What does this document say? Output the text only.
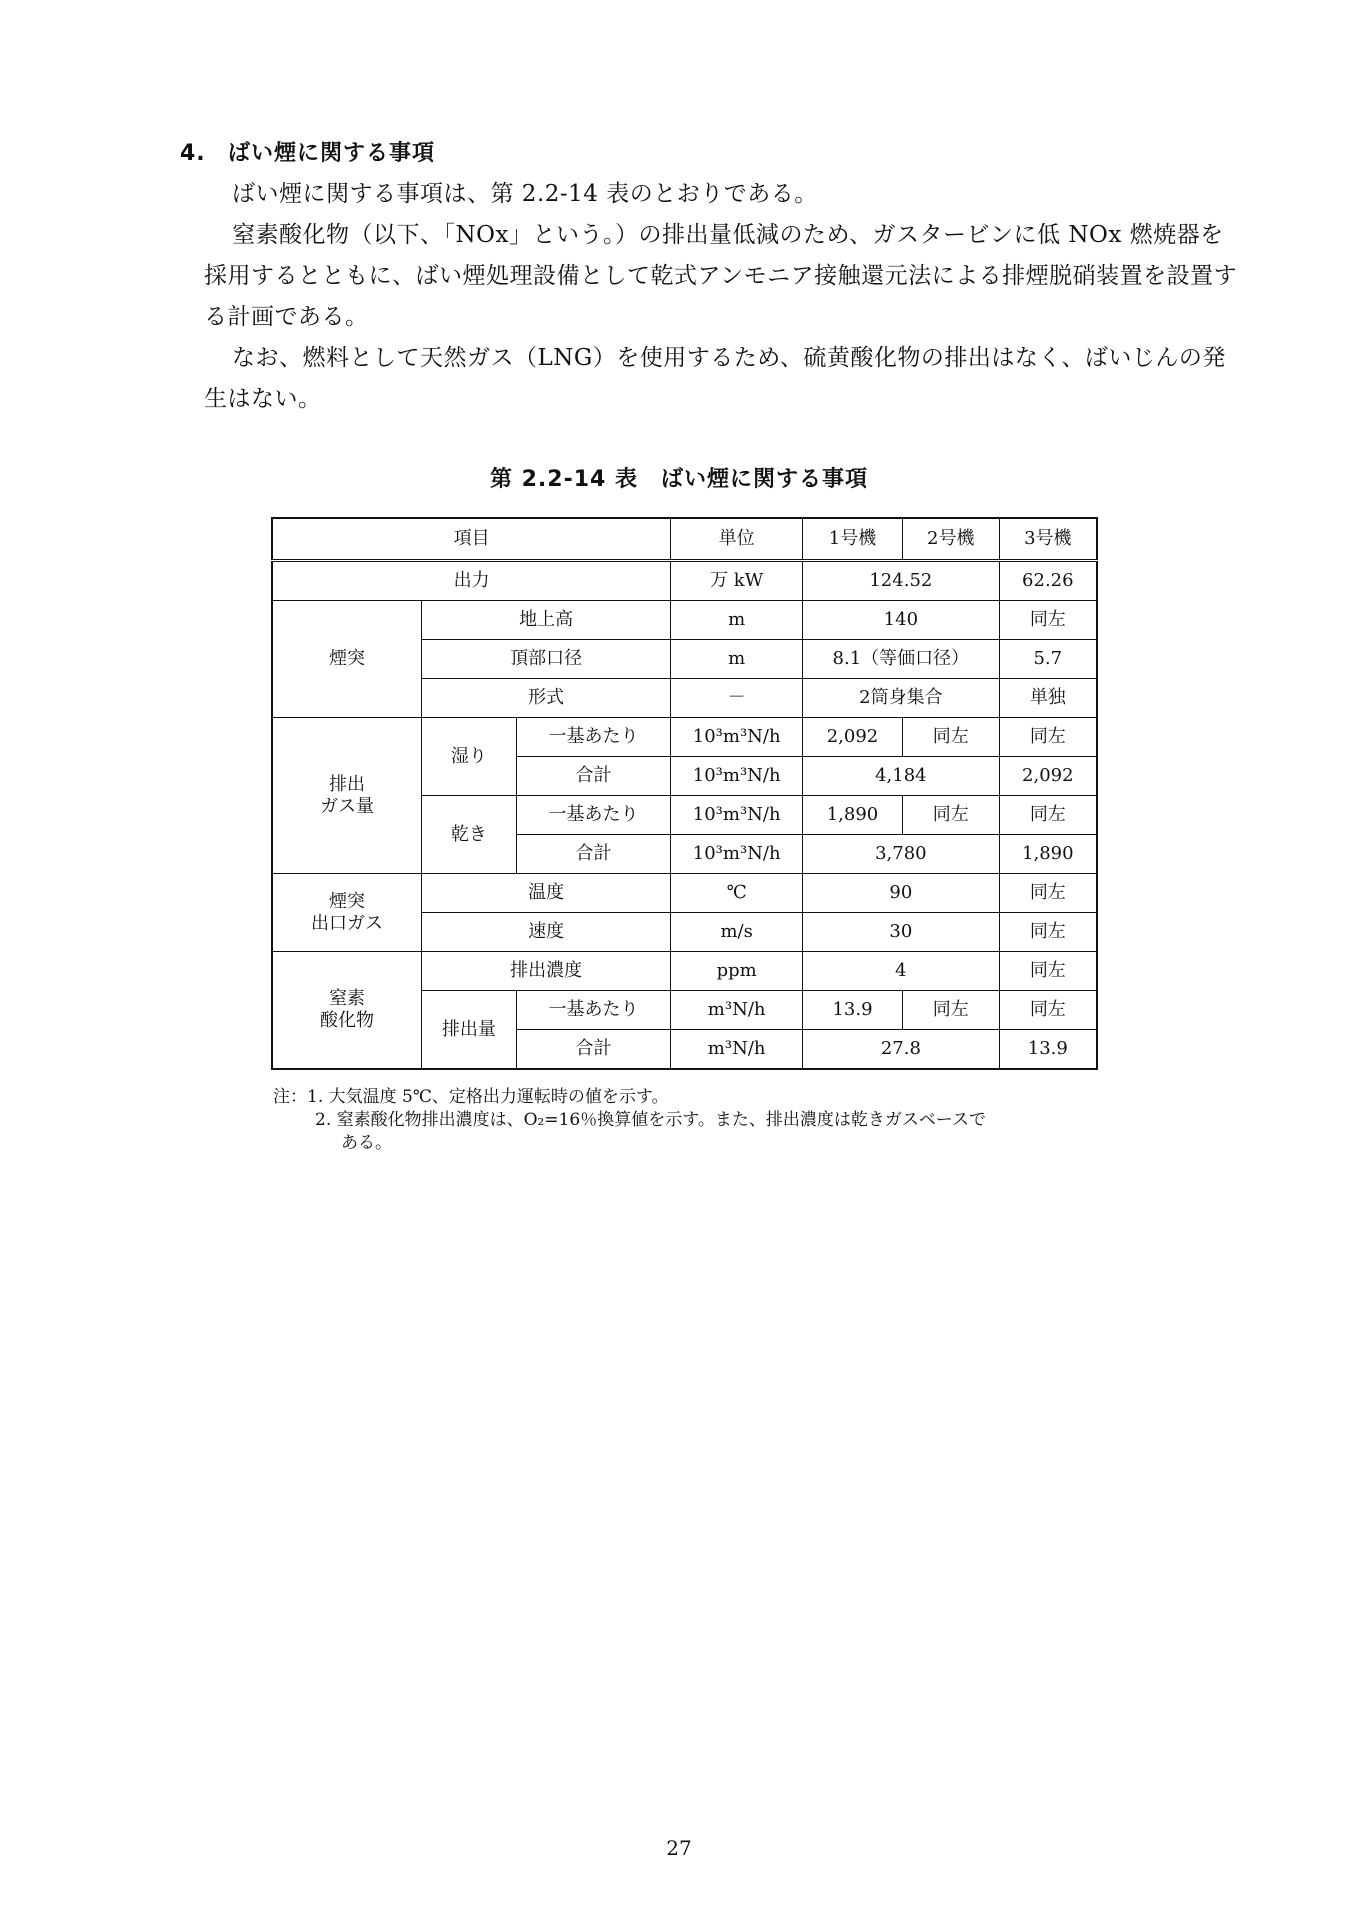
4. ばい煙に関する事項

ばい煙に関する事項は、第 2.2-14 表のとおりである。

窒素酸化物（以下、「NOx」という。）の排出量低減のため、ガスタービンに低 NOx 燃焼器を採用するとともに、ばい煙処理設備として乾式アンモニア接触還元法による排煙脱硝装置を設置する計画である。

なお、燃料として天然ガス（LNG）を使用するため、硫黄酸化物の排出はなく、ばいじんの発生はない。

第 2.2-14 表　ばい煙に関する事項
項目			単位	1号機	2号機	3号機
出力			万 kW	124.52		62.26
煙突	地上高		m	140		同左
	頂部口径		m	8.1（等価口径）		5.7
	形式		－	2筒身集合		単独
排出
ガス量	湿り	一基あたり	10³m³N/h	2,092	同左	同左
		合計	10³m³N/h	4,184		2,092
	乾き	一基あたり	10³m³N/h	1,890	同左	同左
		合計	10³m³N/h	3,780		1,890
煙突
出口ガス	温度		℃	90		同左
	速度		m/s	30		同左
窒素
酸化物	排出濃度		ppm	4		同左
	排出量	一基あたり	m³N/h	13.9	同左	同左
		合計	m³N/h	27.8		13.9
注：1. 大気温度 5℃、定格出力運転時の値を示す。
2. 窒素酸化物排出濃度は、O₂=16％換算値を示す。また、排出濃度は乾きガスベースで
ある。
27
